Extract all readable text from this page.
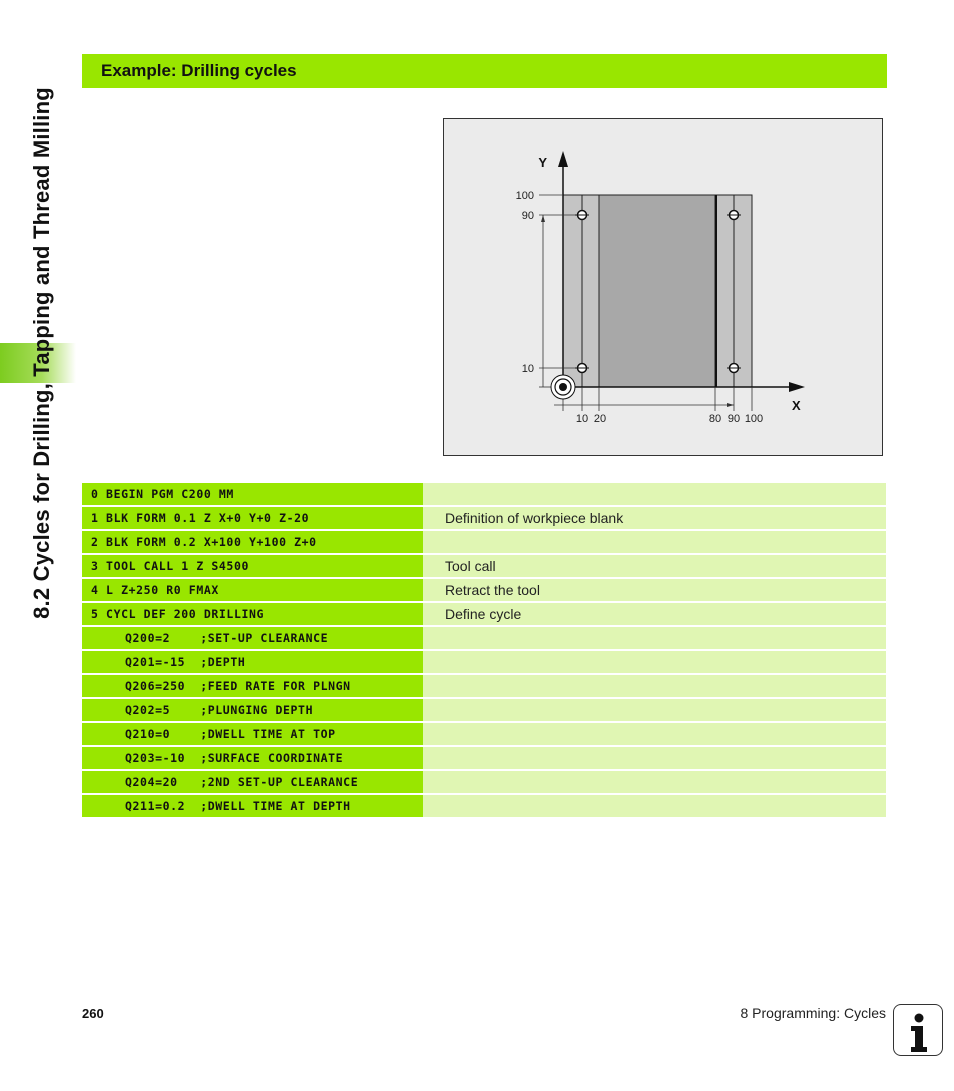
8.2 Cycles for Drilling, Tapping and Thread Milling
Example: Drilling cycles
Y
X
100
90
10
10 20	80 90 100
0 BEGIN PGM C200 MM
1 BLK FORM 0.1 Z X+0 Y+0 Z-20	Definition of workpiece blank
2 BLK FORM 0.2 X+100 Y+100 Z+0
3 TOOL CALL 1 Z S4500	Tool call
4 L Z+250 R0 FMAX	Retract the tool
5 CYCL DEF 200 DRILLING	Define cycle
Q200=2    ;SET-UP CLEARANCE
Q201=-15  ;DEPTH
Q206=250  ;FEED RATE FOR PLNGN
Q202=5    ;PLUNGING DEPTH
Q210=0    ;DWELL TIME AT TOP
Q203=-10  ;SURFACE COORDINATE
Q204=20   ;2ND SET-UP CLEARANCE
Q211=0.2  ;DWELL TIME AT DEPTH
260	8 Programming: Cycles
